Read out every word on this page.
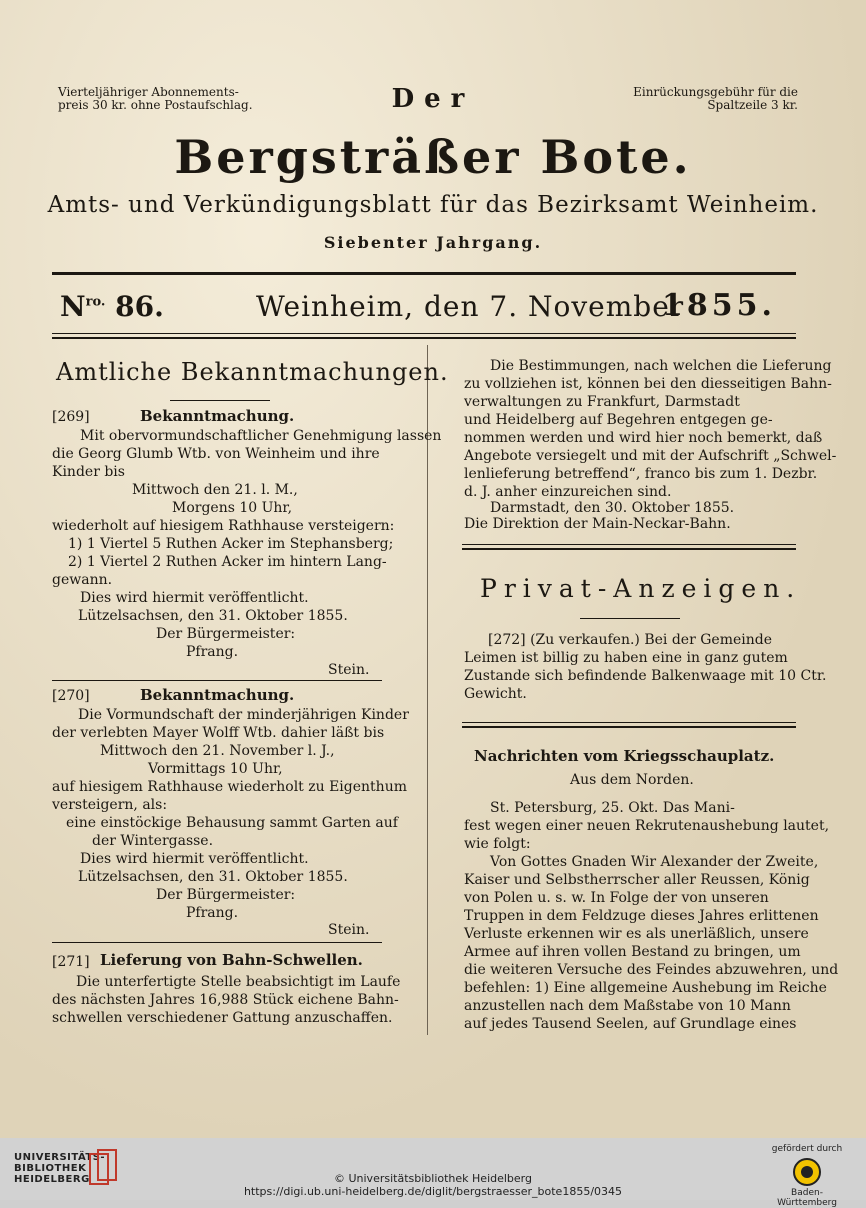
Vierteljähriger Abonnements-
preis 30 kr. ohne Postaufschlag.
Einrückungsgebühr für die
Spaltzeile 3 kr.
Der
Bergsträßer Bote.
Amts- und Verkündigungsblatt für das Bezirksamt Weinheim.
Siebenter Jahrgang.
$N^{ro.}$ 86.	Weinheim, den 7. November
1855.
Amtliche Bekanntmachungen.
[269]	Bekanntmachung.
Mit obervormundschaftlicher Genehmigung lassen
die Georg Glumb Wtb. von Weinheim und ihre
Kinder bis
Mittwoch den 21. l. M.,
Morgens 10 Uhr,
wiederholt auf hiesigem Rathhause versteigern:
1) 1 Viertel 5 Ruthen Acker im Stephansberg;
2) 1 Viertel 2 Ruthen Acker im hintern Lang-
gewann.
Dies wird hiermit veröffentlicht.
Lützelsachsen, den 31. Oktober 1855.
Der Bürgermeister:
Pfrang.
Stein.
[270]	Bekanntmachung.
Die Vormundschaft der minderjährigen Kinder
der verlebten Mayer Wolff Wtb. dahier läßt bis
Mittwoch den 21. November l. J.,
Vormittags 10 Uhr,
auf hiesigem Rathhause wiederholt zu Eigenthum
versteigern, als:
eine einstöckige Behausung sammt Garten auf
der Wintergasse.
Dies wird hiermit veröffentlicht.
Lützelsachsen, den 31. Oktober 1855.
Der Bürgermeister:
Pfrang.
Stein.
[271] Lieferung von Bahn-Schwellen.
Die unterfertigte Stelle beabsichtigt im Laufe
des nächsten Jahres 16,988 Stück eichene Bahn-
schwellen verschiedener Gattung anzuschaffen.
Die Bestimmungen, nach welchen die Lieferung
zu vollziehen ist, können bei den diesseitigen Bahn-
verwaltungen zu Frankfurt, Darmstadt
und Heidelberg auf Begehren entgegen ge-
nommen werden und wird hier noch bemerkt, daß
Angebote versiegelt und mit der Aufschrift „Schwel-
lenlieferung betreffend“, franco bis zum 1. Dezbr.
d. J. anher einzureichen sind.
Darmstadt, den 30. Oktober 1855.
Die Direktion der Main-Neckar-Bahn.
Privat-Anzeigen.
[272] (Zu verkaufen.) Bei der Gemeinde
Leimen ist billig zu haben eine in ganz gutem
Zustande sich befindende Balkenwaage mit 10 Ctr.
Gewicht.
Nachrichten vom Kriegsschauplatz.
Aus dem Norden.
St. Petersburg, 25. Okt. Das Mani-
fest wegen einer neuen Rekrutenaushebung lautet,
wie folgt:
Von Gottes Gnaden Wir Alexander der Zweite,
Kaiser und Selbstherrscher aller Reussen, König
von Polen u. s. w. In Folge der von unseren
Truppen in dem Feldzuge dieses Jahres erlittenen
Verluste erkennen wir es als unerläßlich, unsere
Armee auf ihren vollen Bestand zu bringen, um
die weiteren Versuche des Feindes abzuwehren, und
befehlen: 1) Eine allgemeine Aushebung im Reiche
anzustellen nach dem Maßstabe von 10 Mann
auf jedes Tausend Seelen, auf Grundlage eines
UNIVERSITÄTS-
BIBLIOTHEK
HEIDELBERG	© Universitätsbibliothek Heidelberg
https://digi.ub.uni-heidelberg.de/diglit/bergstraesser_bote1855/0345
gefördert durch
Baden-Württemberg
